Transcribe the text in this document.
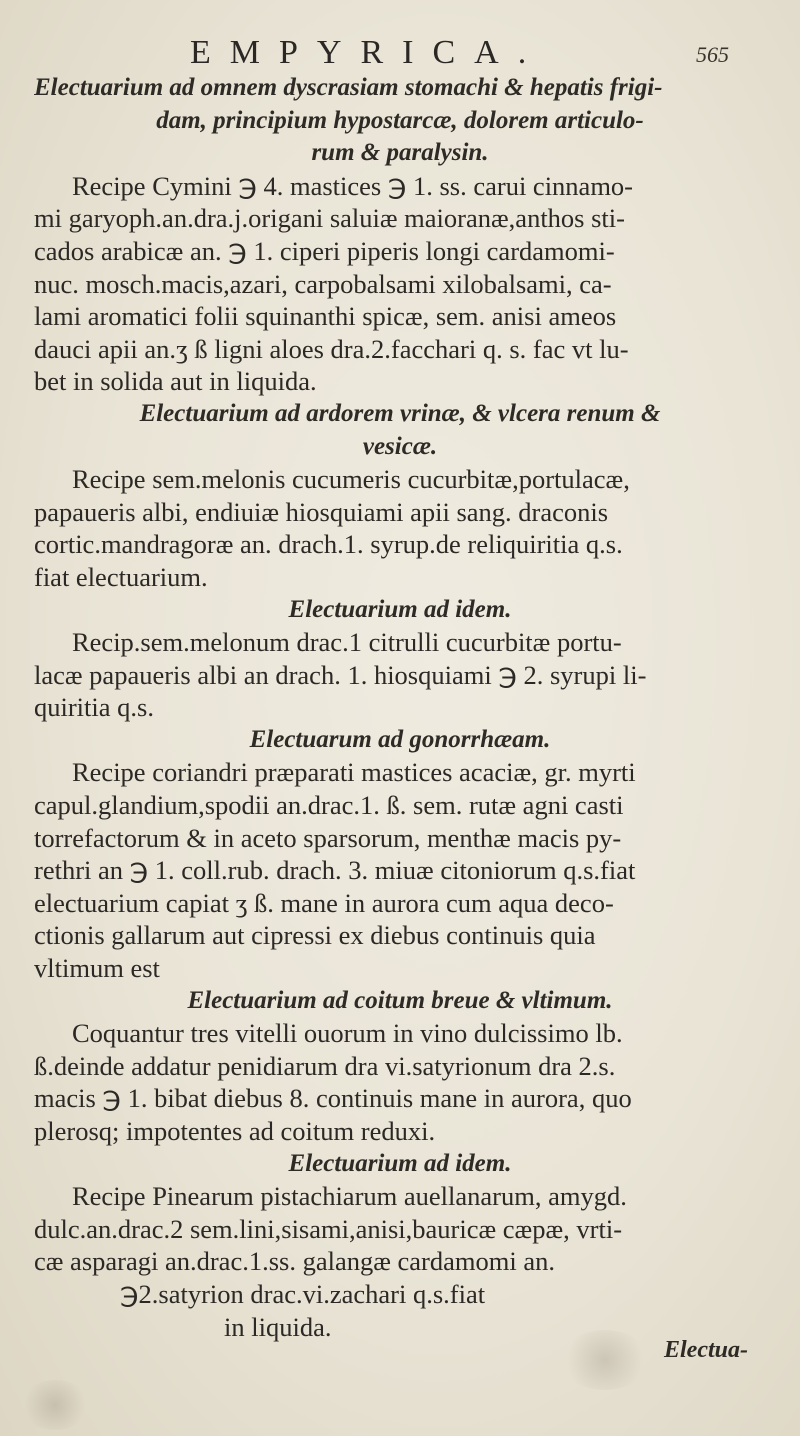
EMPYRICA.	565
Electuarium ad omnem dyscrasiam stomachi & hepatis frigi-
dam, principium hypostarcæ, dolorem articulo-
rum & paralysin.
Recipe Cymini ℈ 4. mastices ℈ 1. ss. carui cinnamo-
mi garyoph.an.dra.j.origani saluiæ maioranæ,anthos sti-
cados arabicæ an. ℈ 1. ciperi piperis longi cardamomi-
nuc. mosch.macis,azari, carpobalsami xilobalsami, ca-
lami aromatici folii squinanthi spicæ, sem. anisi ameos
dauci apii an.ʒ ß ligni aloes dra.2.facchari q. s. fac vt lu-
bet in solida aut in liquida.
Electuarium ad ardorem vrinæ, & vlcera renum &
vesicæ.
Recipe sem.melonis cucumeris cucurbitæ,portulacæ,
papaueris albi, endiuiæ hiosquiami apii sang. draconis
cortic.mandragoræ an. drach.1. syrup.de reliquiritia q.s.
fiat electuarium.
Electuarium ad idem.
Recip.sem.melonum drac.1 citrulli cucurbitæ portu-
lacæ papaueris albi an drach. 1. hiosquiami ℈ 2. syrupi li-
quiritia q.s.
Electuarum ad gonorrhæam.
Recipe coriandri præparati mastices acaciæ, gr. myrti
capul.glandium,spodii an.drac.1. ß. sem. rutæ agni casti
torrefactorum & in aceto sparsorum, menthæ macis py-
rethri an ℈ 1. coll.rub. drach. 3. miuæ citoniorum q.s.fiat
electuarium capiat ʒ ß. mane in aurora cum aqua deco-
ctionis gallarum aut cipressi ex diebus continuis quia
vltimum est
Electuarium ad coitum breue & vltimum.
Coquantur tres vitelli ouorum in vino dulcissimo lb.
ß.deinde addatur penidiarum dra vi.satyrionum dra 2.s.
macis ℈ 1. bibat diebus 8. continuis mane in aurora, quo
plerosq; impotentes ad coitum reduxi.
Electuarium ad idem.
Recipe Pinearum pistachiarum auellanarum, amygd.
dulc.an.drac.2 sem.lini,sisami,anisi,bauricæ cæpæ, vrti-
cæ asparagi an.drac.1.ss. galangæ cardamomi an.
℈2.satyrion drac.vi.zachari q.s.fiat
in liquida.
Electua-
